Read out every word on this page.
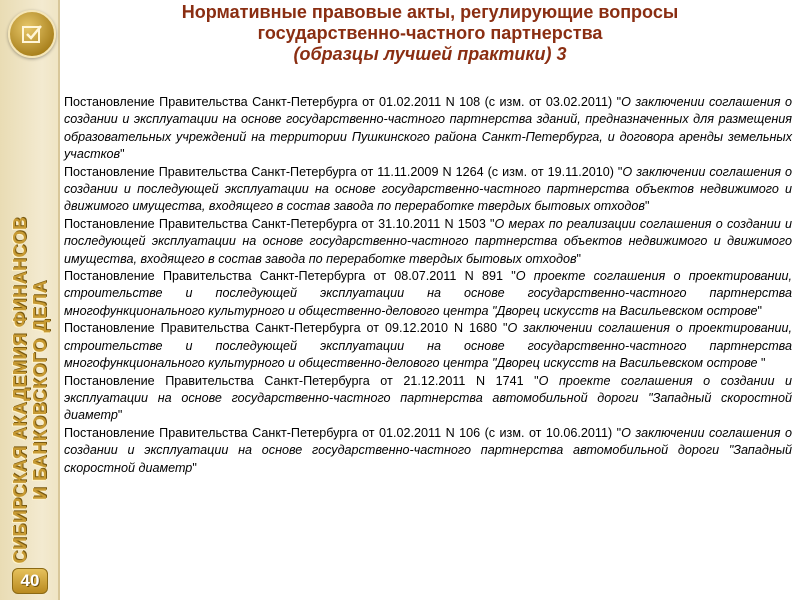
СИБИРСКАЯ АКАДЕМИЯ ФИНАНСОВ И БАНКОВСКОГО ДЕЛА
40
Нормативные правовые акты, регулирующие вопросы
государственно-частного партнерства
(образцы лучшей практики) 3

Постановление Правительства Санкт-Петербурга от 01.02.2011 N 108 (с изм. от 03.02.2011) "О заключении соглашения о создании и эксплуатации на основе государственно-частного партнерства зданий, предназначенных для размещения образовательных учреждений на территории Пушкинского района Санкт-Петербурга, и договора аренды земельных участков"

Постановление Правительства Санкт-Петербурга от 11.11.2009 N 1264 (с изм. от 19.11.2010) "О заключении соглашения о создании и последующей эксплуатации на основе государственно-частного партнерства объектов недвижимого и движимого имущества, входящего в состав завода по переработке твердых бытовых отходов"

Постановление Правительства Санкт-Петербурга от 31.10.2011 N 1503 "О мерах по реализации соглашения о создании и последующей эксплуатации на основе государственно-частного партнерства объектов недвижимого и движимого имущества, входящего в состав завода по переработке твердых бытовых отходов"

Постановление Правительства Санкт-Петербурга от 08.07.2011 N 891 "О проекте соглашения о проектировании, строительстве и последующей эксплуатации на основе государственно-частного партнерства многофункционального культурного и общественно-делового центра "Дворец искусств на Васильевском острове"

Постановление Правительства Санкт-Петербурга от 09.12.2010 N 1680 "О заключении соглашения о проектировании, строительстве и последующей эксплуатации на основе государственно-частного партнерства многофункционального культурного и общественно-делового центра "Дворец искусств на Васильевском острове "

Постановление Правительства Санкт-Петербурга от 21.12.2011 N 1741 "О проекте соглашения о создании и эксплуатации на основе государственно-частного партнерства автомобильной дороги "Западный скоростной диаметр"

Постановление Правительства Санкт-Петербурга от 01.02.2011 N 106 (с изм. от 10.06.2011) "О заключении соглашения о создании и эксплуатации на основе государственно-частного партнерства автомобильной дороги "Западный скоростной диаметр"
